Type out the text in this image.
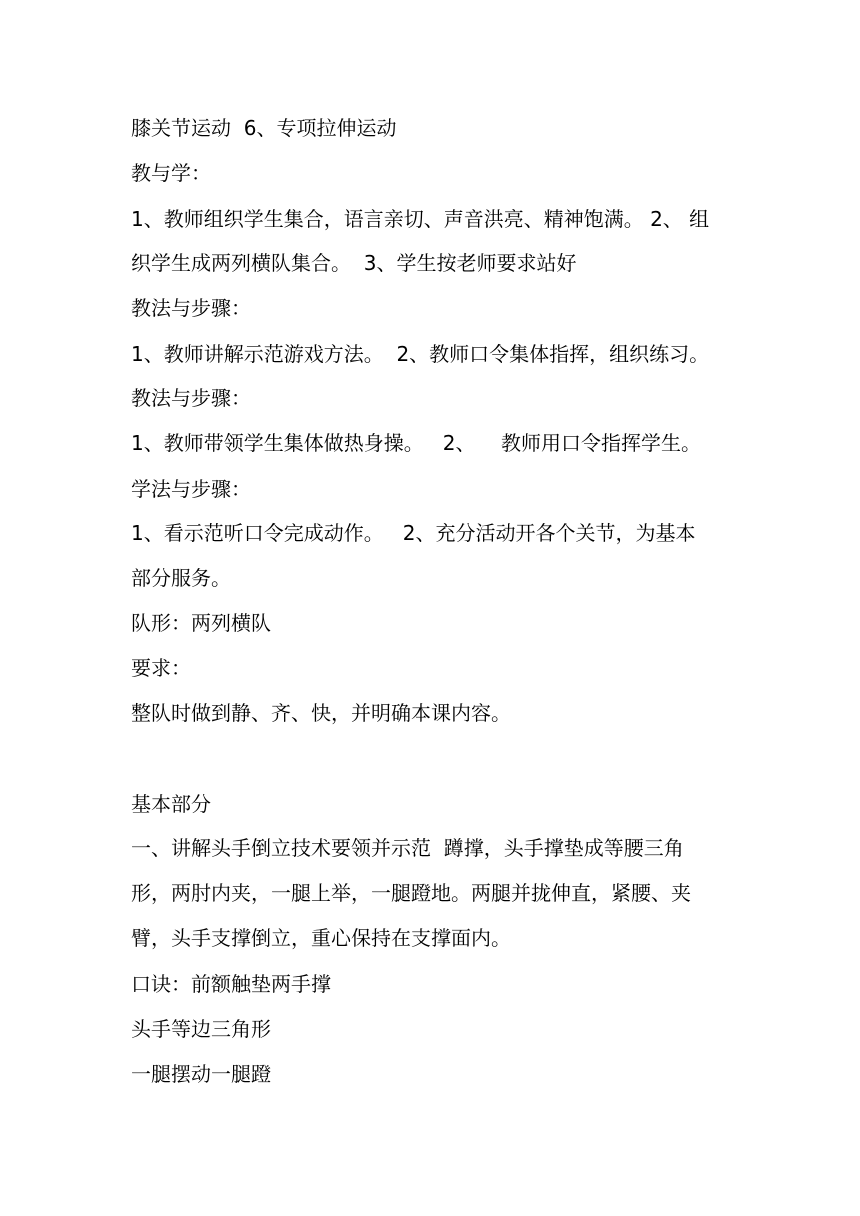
膝关节运动  6、专项拉伸运动
教与学：
1、教师组织学生集合，语言亲切、声音洪亮、精神饱满。 2、 组
织学生成两列横队集合。  3、学生按老师要求站好
教法与步骤：
1、教师讲解示范游戏方法。  2、教师口令集体指挥，组织练习。
教法与步骤：
1、教师带领学生集体做热身操。   2、    教师用口令指挥学生。
学法与步骤：
1、看示范听口令完成动作。   2、充分活动开各个关节，为基本
部分服务。
队形：两列横队
要求：
整队时做到静、齐、快，并明确本课内容。
基本部分
一、讲解头手倒立技术要领并示范  蹲撑，头手撑垫成等腰三角
形，两肘内夹，一腿上举，一腿蹬地。两腿并拢伸直，紧腰、夹
臂，头手支撑倒立，重心保持在支撑面内。
口诀：前额触垫两手撑
头手等边三角形
一腿摆动一腿蹬
